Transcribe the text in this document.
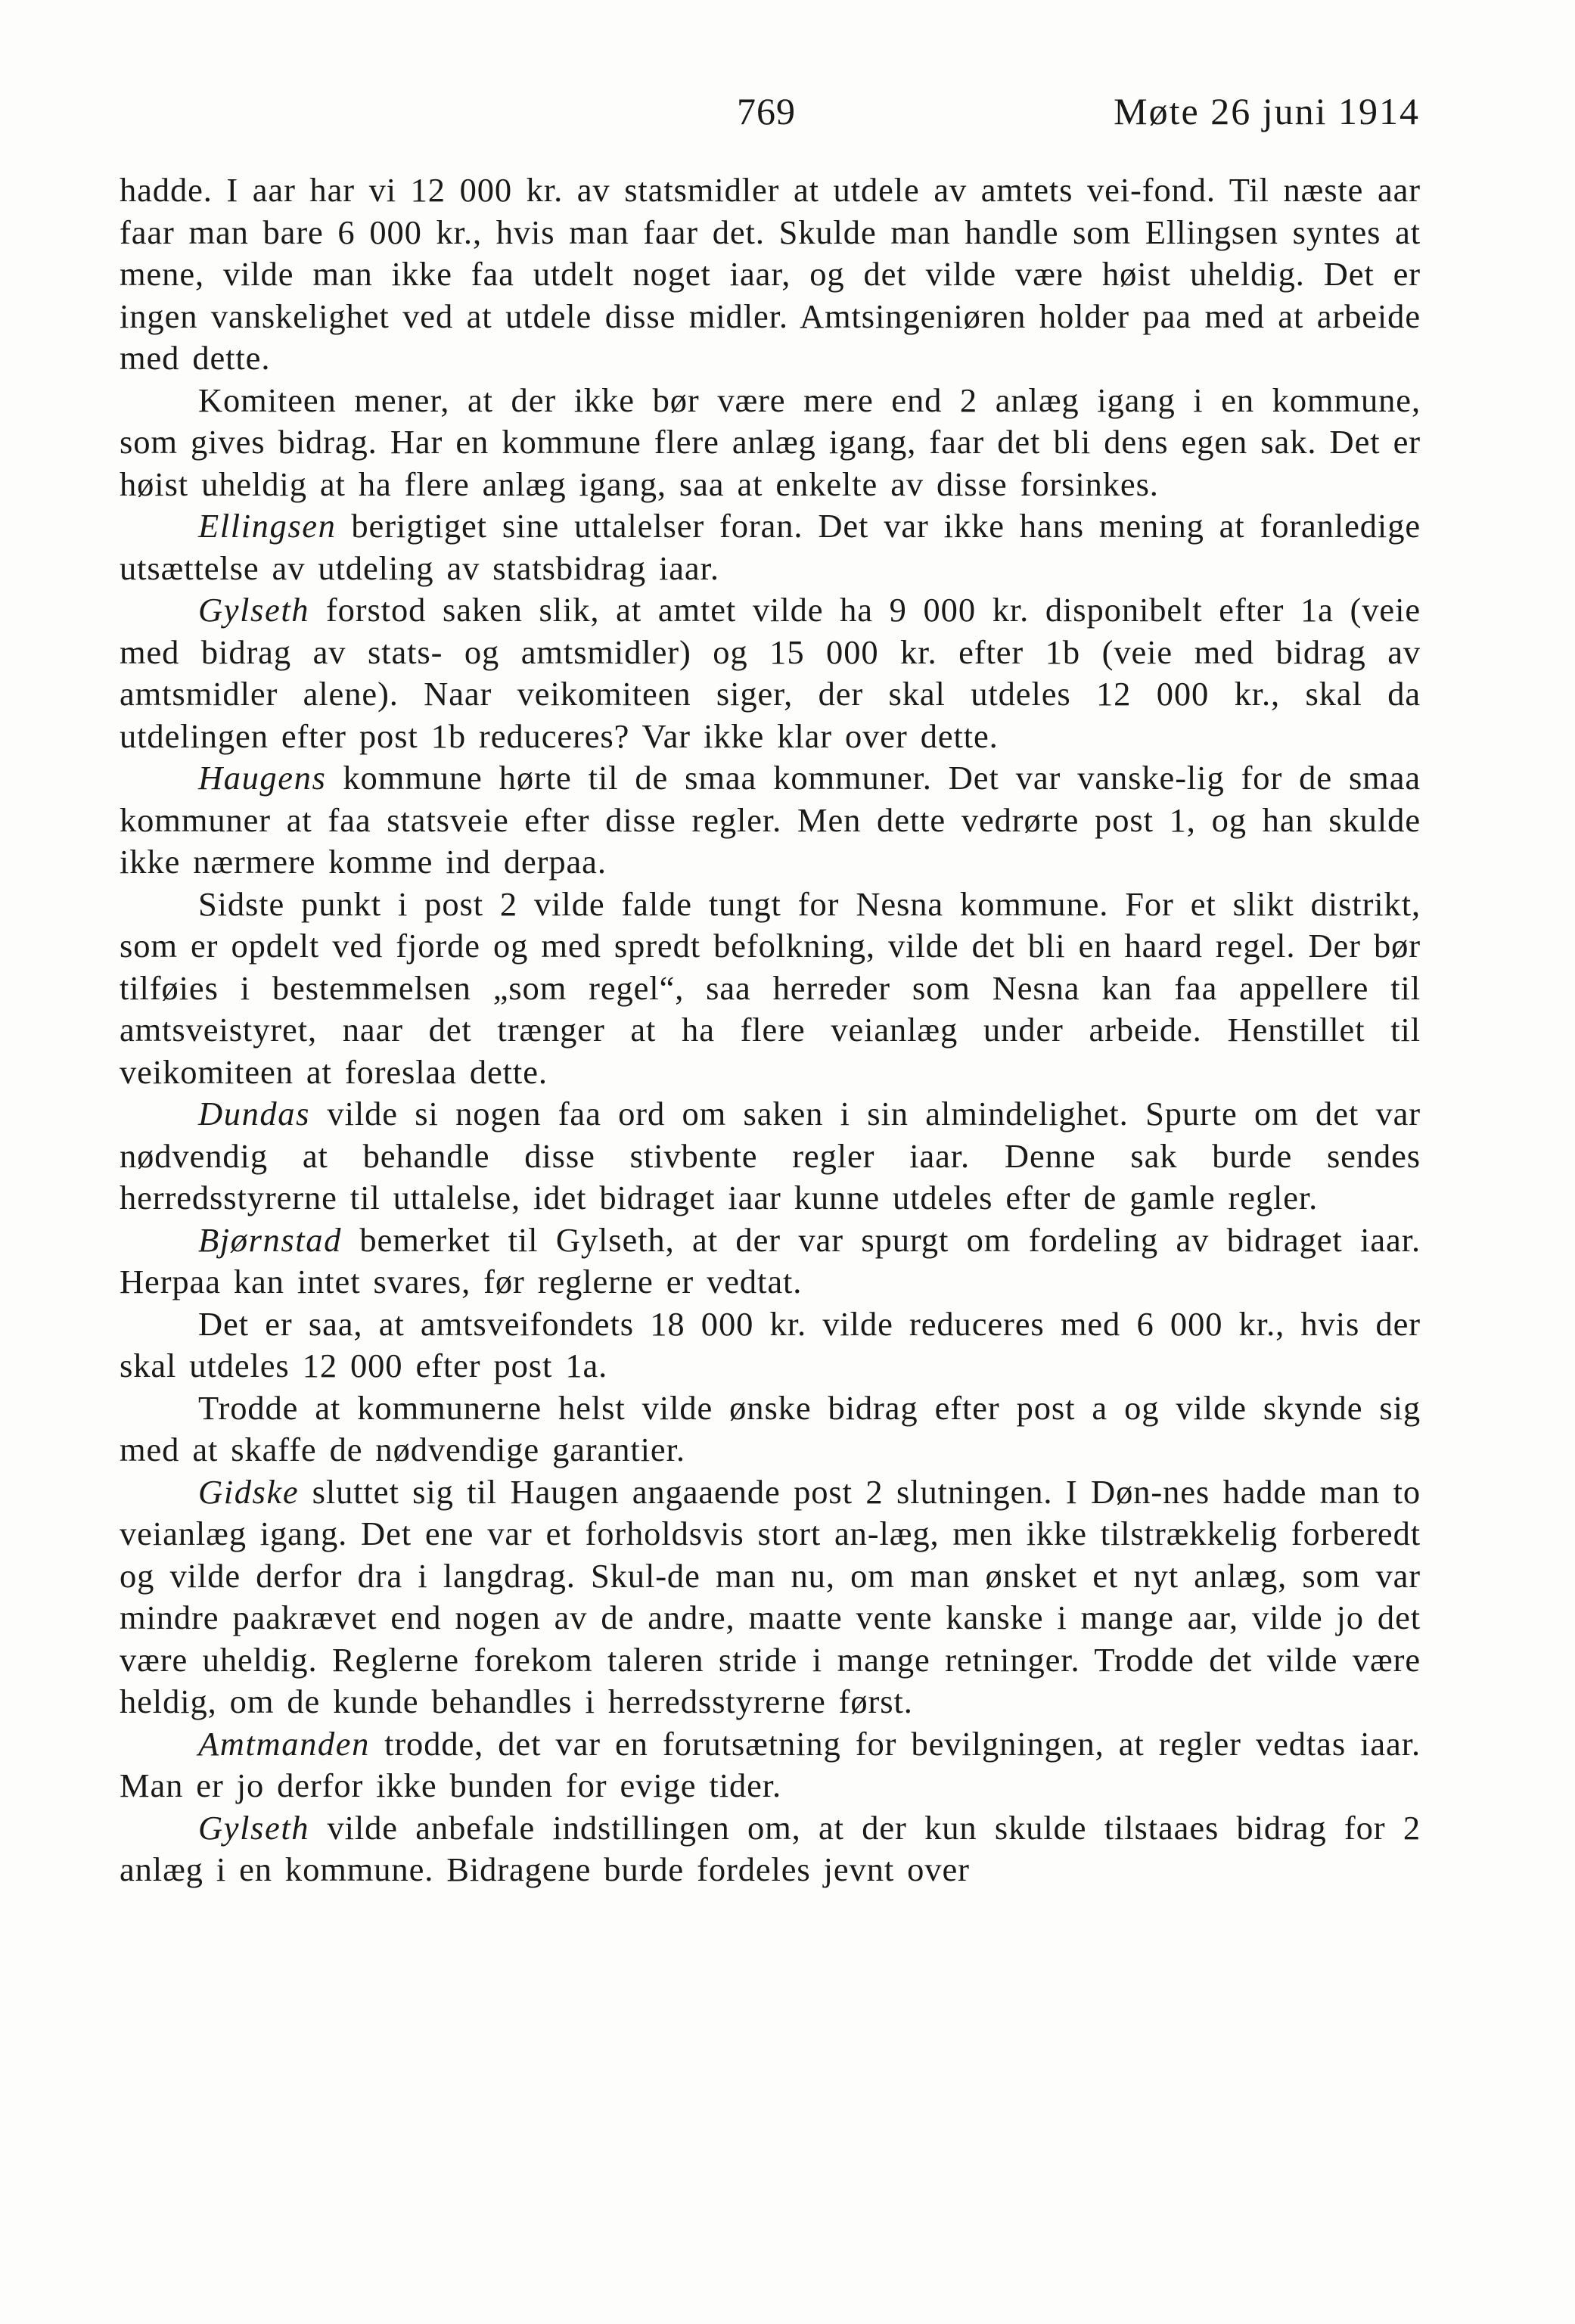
769	Møte 26 juni 1914

hadde. I aar har vi 12 000 kr. av statsmidler at utdele av amtets vei-fond. Til næste aar faar man bare 6 000 kr., hvis man faar det. Skulde man handle som Ellingsen syntes at mene, vilde man ikke faa utdelt noget iaar, og det vilde være høist uheldig. Det er ingen vanskelighet ved at utdele disse midler. Amtsingeniøren holder paa med at arbeide med dette.

Komiteen mener, at der ikke bør være mere end 2 anlæg igang i en kommune, som gives bidrag. Har en kommune flere anlæg igang, faar det bli dens egen sak. Det er høist uheldig at ha flere anlæg igang, saa at enkelte av disse forsinkes.

Ellingsen berigtiget sine uttalelser foran. Det var ikke hans mening at foranledige utsættelse av utdeling av statsbidrag iaar.

Gylseth forstod saken slik, at amtet vilde ha 9 000 kr. disponibelt efter 1a (veie med bidrag av stats- og amtsmidler) og 15 000 kr. efter 1b (veie med bidrag av amtsmidler alene). Naar veikomiteen siger, der skal utdeles 12 000 kr., skal da utdelingen efter post 1b reduceres? Var ikke klar over dette.

Haugens kommune hørte til de smaa kommuner. Det var vanske-lig for de smaa kommuner at faa statsveie efter disse regler. Men dette vedrørte post 1, og han skulde ikke nærmere komme ind derpaa.

Sidste punkt i post 2 vilde falde tungt for Nesna kommune. For et slikt distrikt, som er opdelt ved fjorde og med spredt befolkning, vilde det bli en haard regel. Der bør tilføies i bestemmelsen „som regel“, saa herreder som Nesna kan faa appellere til amtsveistyret, naar det trænger at ha flere veianlæg under arbeide. Henstillet til veikomiteen at foreslaa dette.

Dundas vilde si nogen faa ord om saken i sin almindelighet. Spurte om det var nødvendig at behandle disse stivbente regler iaar. Denne sak burde sendes herredsstyrerne til uttalelse, idet bidraget iaar kunne utdeles efter de gamle regler.

Bjørnstad bemerket til Gylseth, at der var spurgt om fordeling av bidraget iaar. Herpaa kan intet svares, før reglerne er vedtat.

Det er saa, at amtsveifondets 18 000 kr. vilde reduceres med 6 000 kr., hvis der skal utdeles 12 000 efter post 1a.

Trodde at kommunerne helst vilde ønske bidrag efter post a og vilde skynde sig med at skaffe de nødvendige garantier.

Gidske sluttet sig til Haugen angaaende post 2 slutningen. I Døn-nes hadde man to veianlæg igang. Det ene var et forholdsvis stort an-læg, men ikke tilstrækkelig forberedt og vilde derfor dra i langdrag. Skul-de man nu, om man ønsket et nyt anlæg, som var mindre paakrævet end nogen av de andre, maatte vente kanske i mange aar, vilde jo det være uheldig. Reglerne forekom taleren stride i mange retninger. Trodde det vilde være heldig, om de kunde behandles i herredsstyrerne først.

Amtmanden trodde, det var en forutsætning for bevilgningen, at regler vedtas iaar. Man er jo derfor ikke bunden for evige tider.

Gylseth vilde anbefale indstillingen om, at der kun skulde tilstaaes bidrag for 2 anlæg i en kommune. Bidragene burde fordeles jevnt over
